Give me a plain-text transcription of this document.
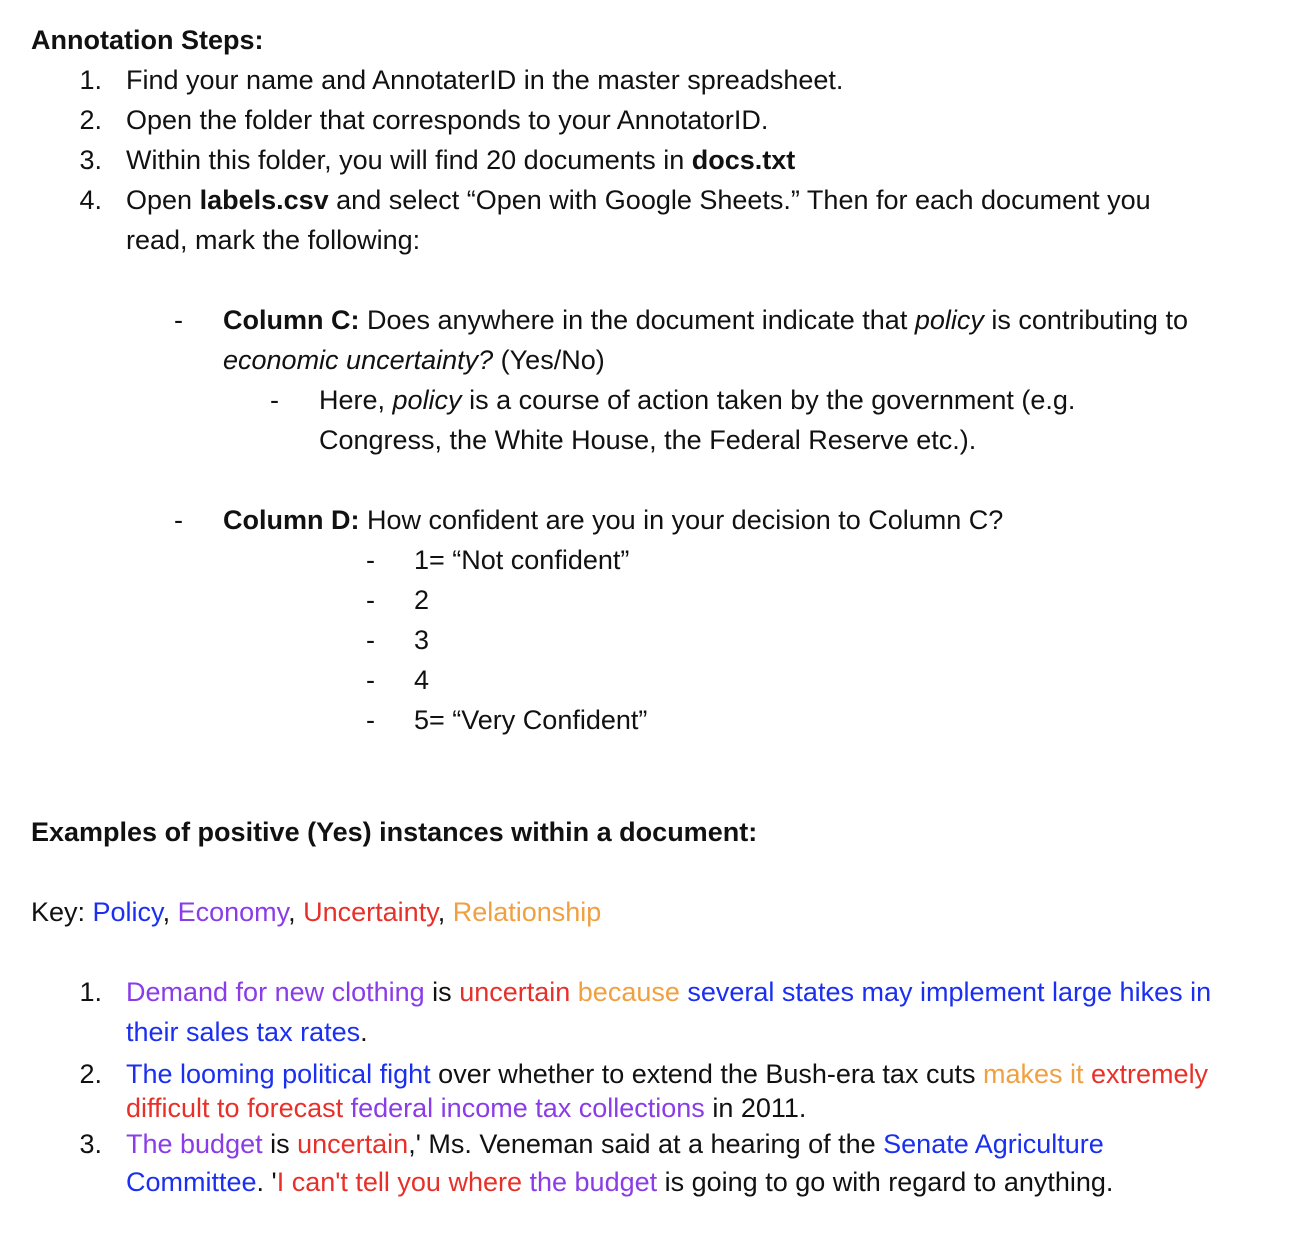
Annotation Steps:
1. Find your name and AnnotaterID in the master spreadsheet.
2. Open the folder that corresponds to your AnnotatorID.
3. Within this folder, you will find 20 documents in docs.txt
4. Open labels.csv and select “Open with Google Sheets.” Then for each document you
read, mark the following:
- Column C: Does anywhere in the document indicate that policy is contributing to
economic uncertainty? (Yes/No)
- Here, policy is a course of action taken by the government (e.g.
Congress, the White House, the Federal Reserve etc.).
- Column D: How confident are you in your decision to Column C?
- 1= “Not confident”
- 2
- 3
- 4
- 5= “Very Confident”
Examples of positive (Yes) instances within a document:
Key: Policy, Economy, Uncertainty, Relationship
1. Demand for new clothing is uncertain because several states may implement large hikes in
their sales tax rates.
2. The looming political fight over whether to extend the Bush-era tax cuts makes it extremely
difficult to forecast federal income tax collections in 2011.
3. The budget is uncertain,' Ms. Veneman said at a hearing of the Senate Agriculture
Committee. 'I can't tell you where the budget is going to go with regard to anything.
